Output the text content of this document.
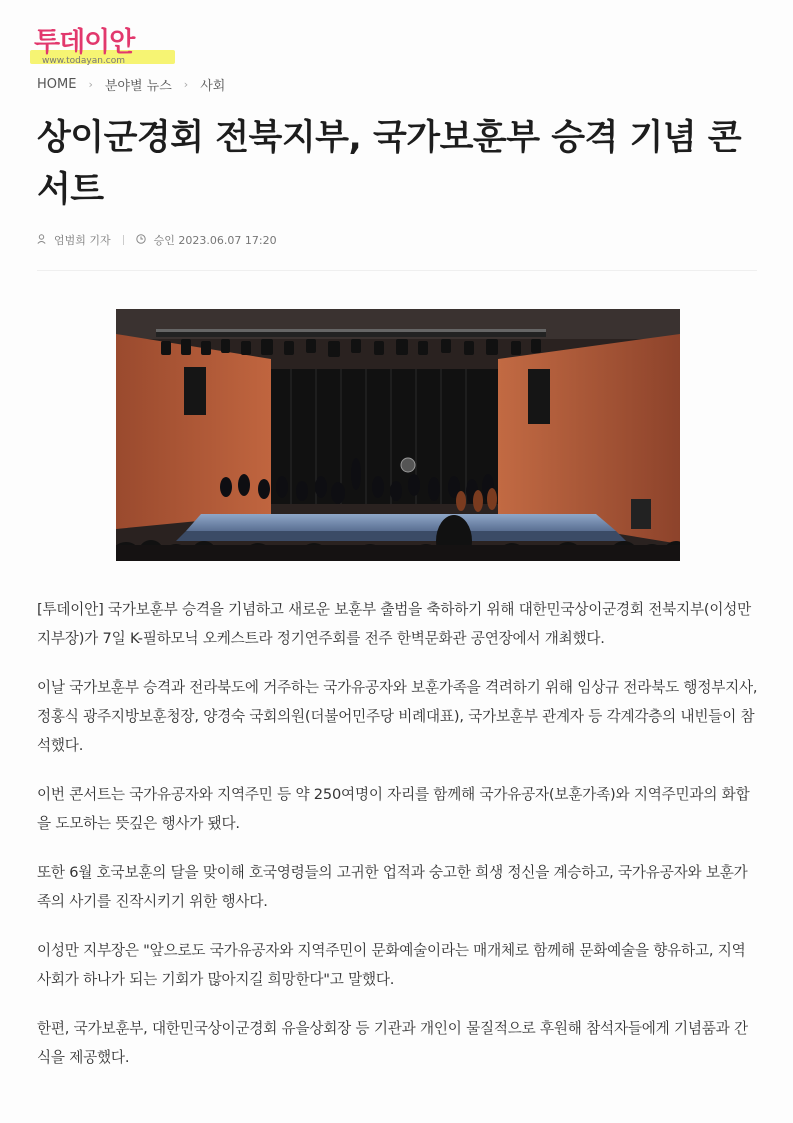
투데이안
www.todayan.com
HOME › 분야별 뉴스 › 사회
상이군경회 전북지부, 국가보훈부 승격 기념 콘서트
엄범희 기자	승인 2023.06.07 17:20

[투데이안] 국가보훈부 승격을 기념하고 새로운 보훈부 출범을 축하하기 위해 대한민국상이군경회 전북지부(이성만 지부장)가 7일 K-필하모닉 오케스트라 정기연주회를 전주 한벽문화관 공연장에서 개최했다.

이날 국가보훈부 승격과 전라북도에 거주하는 국가유공자와 보훈가족을 격려하기 위해 임상규 전라북도 행정부지사, 정홍식 광주지방보훈청장, 양경숙 국회의원(더불어민주당 비례대표), 국가보훈부 관계자 등 각계각층의 내빈들이 참석했다.

이번 콘서트는 국가유공자와 지역주민 등 약 250여명이 자리를 함께해 국가유공자(보훈가족)와 지역주민과의 화합을 도모하는 뜻깊은 행사가 됐다.

또한 6월 호국보훈의 달을 맞이해 호국영령들의 고귀한 업적과 숭고한 희생 정신을 계승하고, 국가유공자와 보훈가족의 사기를 진작시키기 위한 행사다.

이성만 지부장은 "앞으로도 국가유공자와 지역주민이 문화예술이라는 매개체로 함께해 문화예술을 향유하고, 지역사회가 하나가 되는 기회가 많아지길 희망한다"고 말했다.

한편, 국가보훈부, 대한민국상이군경회 유을상회장 등 기관과 개인이 물질적으로 후원해 참석자들에게 기념품과 간식을 제공했다.
